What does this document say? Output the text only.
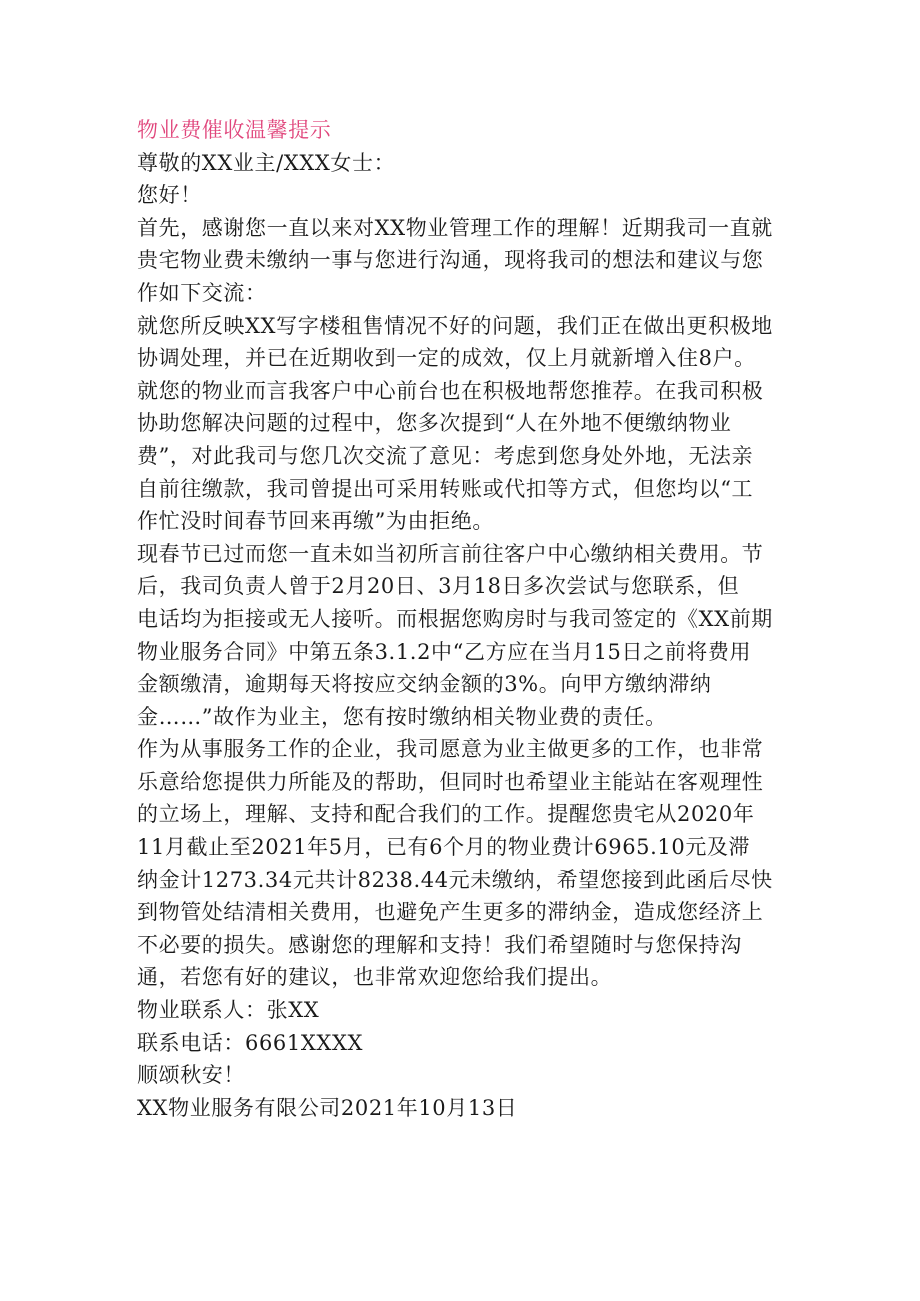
物业费催收温馨提示
尊敬的XX业主/XXX女士：
您好！
首先，感谢您一直以来对XX物业管理工作的理解！近期我司一直就
贵宅物业费未缴纳一事与您进行沟通，现将我司的想法和建议与您
作如下交流：
就您所反映XX写字楼租售情况不好的问题，我们正在做出更积极地
协调处理，并已在近期收到一定的成效，仅上月就新增入住8户。
就您的物业而言我客户中心前台也在积极地帮您推荐。在我司积极
协助您解决问题的过程中，您多次提到“人在外地不便缴纳物业
费”，对此我司与您几次交流了意见：考虑到您身处外地，无法亲
自前往缴款，我司曾提出可采用转账或代扣等方式，但您均以“工
作忙没时间春节回来再缴”为由拒绝。
现春节已过而您一直未如当初所言前往客户中心缴纳相关费用。节
后，我司负责人曾于2月20日、3月18日多次尝试与您联系，但
电话均为拒接或无人接听。而根据您购房时与我司签定的《XX前期
物业服务合同》中第五条3.1.2中“乙方应在当月15日之前将费用
金额缴清，逾期每天将按应交纳金额的3%。向甲方缴纳滞纳
金……”故作为业主，您有按时缴纳相关物业费的责任。
作为从事服务工作的企业，我司愿意为业主做更多的工作，也非常
乐意给您提供力所能及的帮助，但同时也希望业主能站在客观理性
的立场上，理解、支持和配合我们的工作。提醒您贵宅从2020年
11月截止至2021年5月，已有6个月的物业费计6965.10元及滞
纳金计1273.34元共计8238.44元未缴纳，希望您接到此函后尽快
到物管处结清相关费用，也避免产生更多的滞纳金，造成您经济上
不必要的损失。感谢您的理解和支持！我们希望随时与您保持沟
通，若您有好的建议，也非常欢迎您给我们提出。
物业联系人：张XX
联系电话：6661XXXX
顺颂秋安！
XX物业服务有限公司2021年10月13日
